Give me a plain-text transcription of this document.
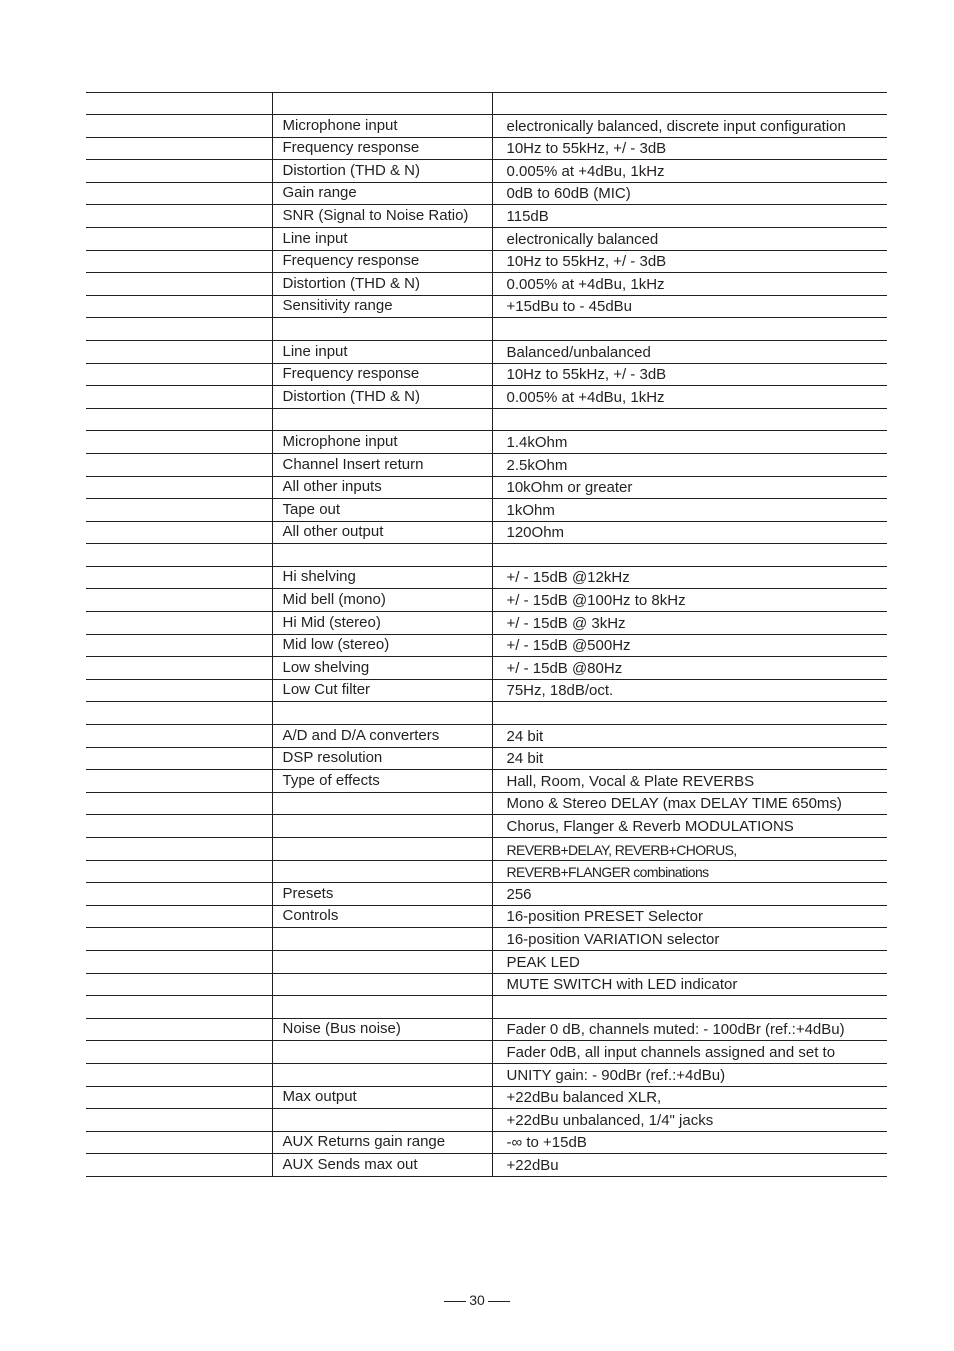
	Microphone input	electronically balanced, discrete input configuration
	Frequency response	10Hz to 55kHz, +/ - 3dB
	Distortion (THD & N)	0.005% at +4dBu, 1kHz
	Gain range	0dB to 60dB (MIC)
	SNR (Signal to Noise Ratio)	115dB
	Line input	electronically balanced
	Frequency response	10Hz to 55kHz, +/ - 3dB
	Distortion (THD & N)	0.005% at +4dBu, 1kHz
	Sensitivity range	+15dBu to - 45dBu

	Line input	Balanced/unbalanced
	Frequency response	10Hz to 55kHz, +/ - 3dB
	Distortion (THD & N)	0.005% at +4dBu, 1kHz

	Microphone input	1.4kOhm
	Channel Insert return	2.5kOhm
	All other inputs	10kOhm or greater
	Tape out	1kOhm
	All other output	120Ohm

	Hi shelving	+/ - 15dB @12kHz
	Mid bell (mono)	+/ - 15dB @100Hz to 8kHz
	Hi Mid (stereo)	+/ - 15dB @ 3kHz
	Mid low (stereo)	+/ - 15dB @500Hz
	Low shelving	+/ - 15dB @80Hz
	Low Cut filter	75Hz, 18dB/oct.

	A/D and D/A converters	24 bit
	DSP resolution	24 bit
	Type of effects	Hall, Room, Vocal & Plate REVERBS
		Mono & Stereo DELAY (max DELAY TIME 650ms)
		Chorus, Flanger & Reverb MODULATIONS
		REVERB+DELAY, REVERB+CHORUS,
		REVERB+FLANGER combinations
	Presets	256
	Controls	16-position PRESET Selector
		16-position VARIATION selector
		PEAK LED
		MUTE SWITCH with LED indicator

	Noise (Bus noise)	Fader 0 dB, channels muted: - 100dBr (ref.:+4dBu)
		Fader 0dB, all input channels assigned and set to
		UNITY gain: - 90dBr (ref.:+4dBu)
	Max output	+22dBu balanced XLR,
		+22dBu unbalanced, 1/4" jacks
	AUX Returns gain range	-∞ to +15dB
	AUX Sends max out	+22dBu
30
